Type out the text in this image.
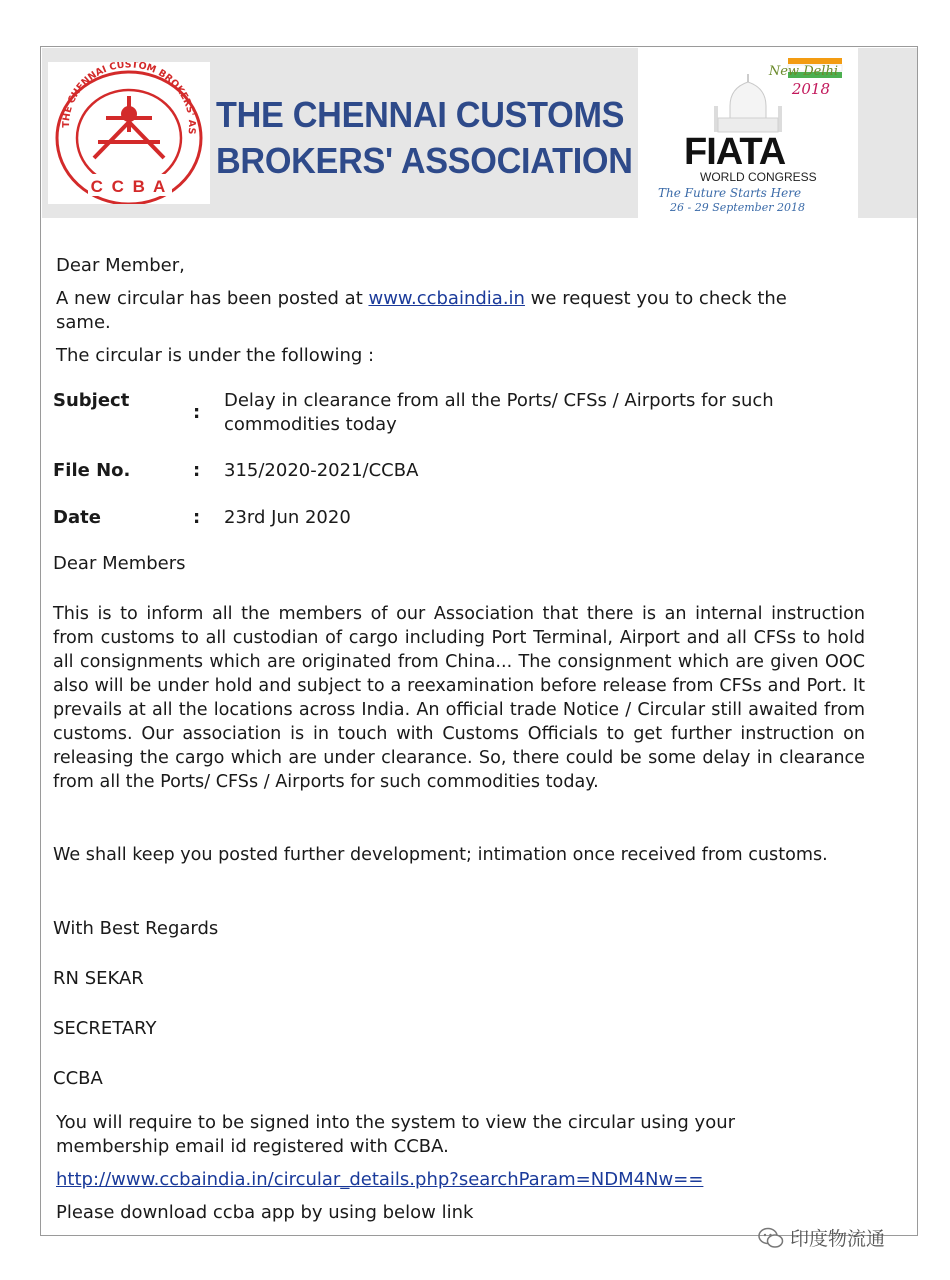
THE CHENNAI CUSTOM BROKERS' AS
C C B A
THE CHENNAI CUSTOMS
BROKERS' ASSOCIATION
New Delhi
2018
FIATA
WORLD CONGRESS
The Future Starts Here
26 - 29 September 2018
Dear Member,
A new circular has been posted at www.ccbaindia.in we request you to check the
same.
The circular is under the following :
Subject
:
Delay in clearance from all the Ports/ CFSs / Airports for such
commodities today
File No.	: 315/2020-2021/CCBA
Date	: 23rd Jun 2020
Dear Members
This is to inform all the members of our Association that there is an internal instruction from customs to all custodian of cargo including Port Terminal, Airport and all CFSs to hold all consignments which are originated from China... The consignment which are given OOC also will be under hold and subject to a reexamination before release from CFSs and Port. It prevails at all the locations across India. An official trade Notice / Circular still awaited from customs. Our association is in touch with Customs Officials to get further instruction on releasing the cargo which are under clearance. So, there could be some delay in clearance from all the Ports/ CFSs / Airports for such commodities today.
We shall keep you posted further development; intimation once received from customs.
With Best Regards
RN SEKAR
SECRETARY
CCBA
You will require to be signed into the system to view the circular using your
membership email id registered with CCBA.
http://www.ccbaindia.in/circular_details.php?searchParam=NDM4Nw==
Please download ccba app by using below link
印度物流通
